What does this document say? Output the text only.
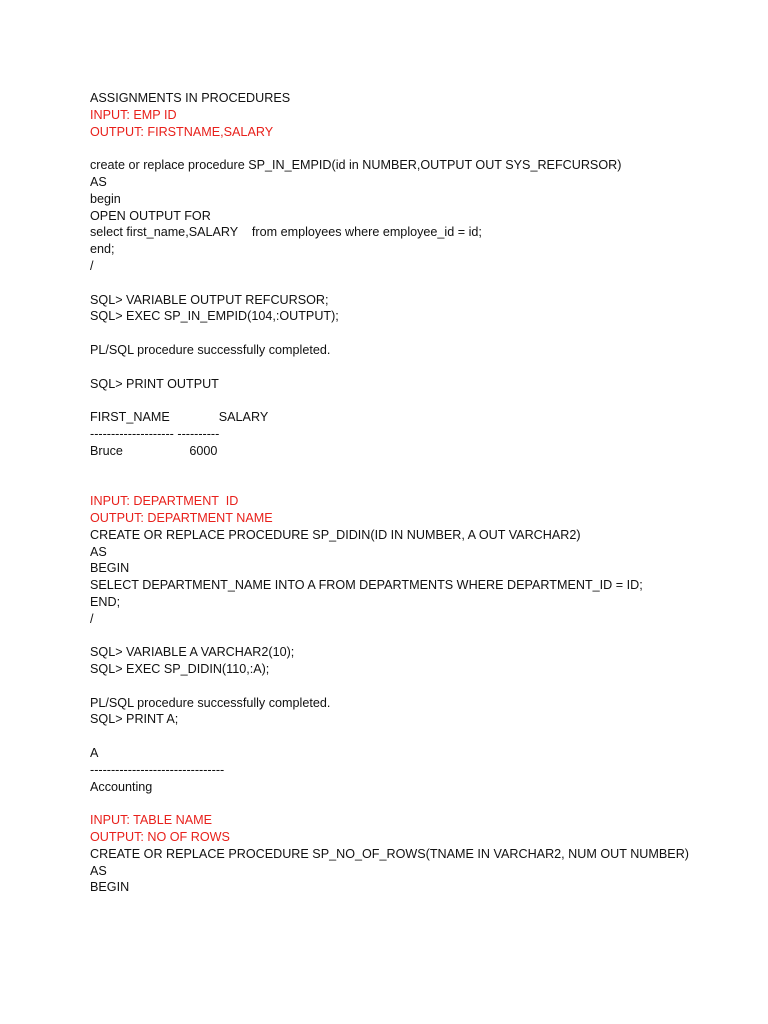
ASSIGNMENTS IN PROCEDURES
INPUT: EMP ID
OUTPUT: FIRSTNAME,SALARY
create or replace procedure SP_IN_EMPID(id in NUMBER,OUTPUT OUT SYS_REFCURSOR)
AS
begin
OPEN OUTPUT FOR
select first_name,SALARY    from employees where employee_id = id;
end;
/
SQL> VARIABLE OUTPUT REFCURSOR;
SQL> EXEC SP_IN_EMPID(104,:OUTPUT);
PL/SQL procedure successfully completed.
SQL> PRINT OUTPUT
FIRST_NAME              SALARY
-------------------- ----------
Bruce                   6000
INPUT: DEPARTMENT  ID
OUTPUT: DEPARTMENT NAME
CREATE OR REPLACE PROCEDURE SP_DIDIN(ID IN NUMBER, A OUT VARCHAR2)
AS
BEGIN
SELECT DEPARTMENT_NAME INTO A FROM DEPARTMENTS WHERE DEPARTMENT_ID = ID;
END;
/
SQL> VARIABLE A VARCHAR2(10);
SQL> EXEC SP_DIDIN(110,:A);
PL/SQL procedure successfully completed.
SQL> PRINT A;
A
--------------------------------
Accounting
INPUT: TABLE NAME
OUTPUT: NO OF ROWS
CREATE OR REPLACE PROCEDURE SP_NO_OF_ROWS(TNAME IN VARCHAR2, NUM OUT NUMBER)
AS
BEGIN
